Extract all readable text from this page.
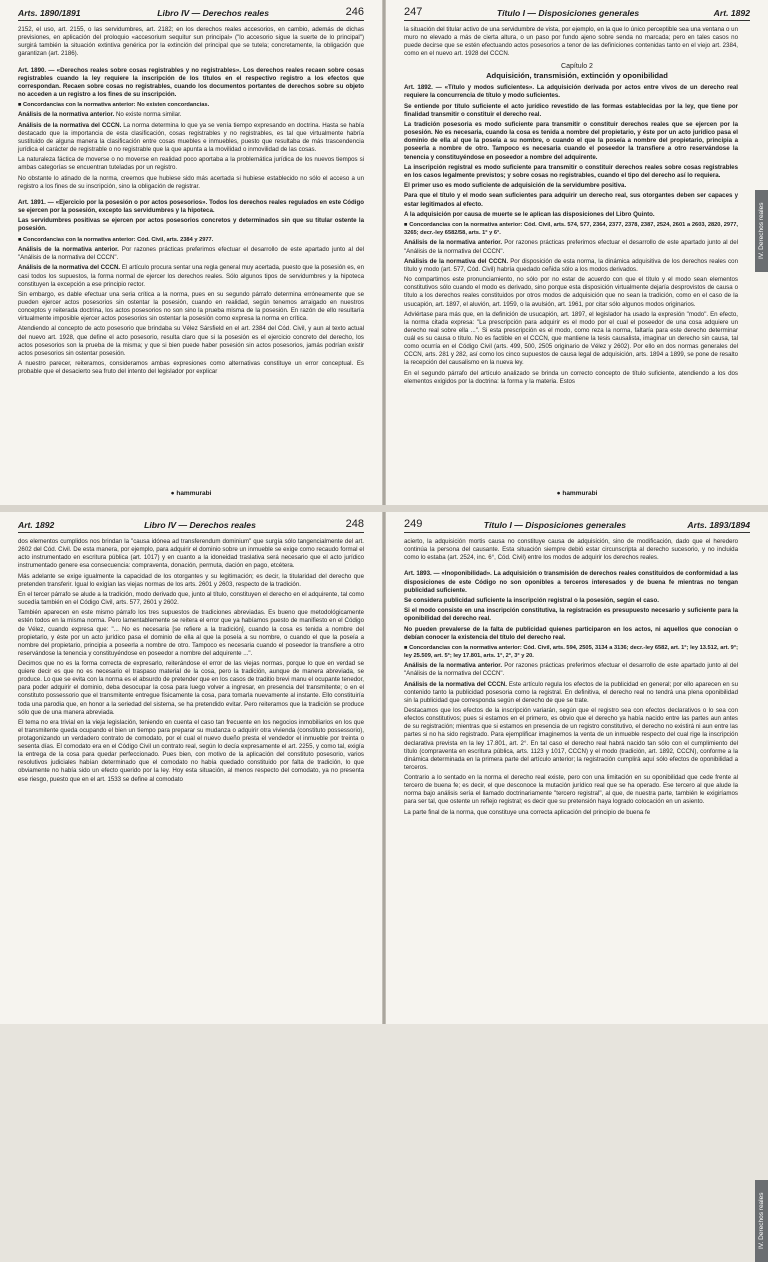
Arts. 1890/1891	Libro IV — Derechos reales	246

2152, el uso, art. 2155, o las servidumbres, art. 2182; en los derechos reales accesorios, en cambio, además de dichas previsiones, en aplicación del proloquio «accesorium sequitur sun principal» ("lo accesorio sigue la suerte de lo principal") surgirá también la situación extintiva genérica por la extinción del principal que se tutela; concretamente, la obligación que garantizan (art. 2186).

Art. 1890. — «Derechos reales sobre cosas registrables y no registrables». Los derechos reales recaen sobre cosas registrables cuando la ley requiere la inscripción de los títulos en el respectivo registro a los efectos que correspondan. Recaen sobre cosas no registrables, cuando los documentos portantes de derechos sobre su objeto no acceden a un registro a los fines de su inscripción.

■ Concordancias con la normativa anterior: No existen concordancias.

Análisis de la normativa anterior. No existe norma similar.

Análisis de la normativa del CCCN. La norma determina lo que ya se venía tiempo expresando en doctrina. Hasta se había destacado que la importancia de esta clasificación, cosas registrables y no registrables, es tal que virtualmente habría sustituido de alguna manera la clasificación entre cosas muebles e inmuebles, puesto que resultaba de más trascendencia jurídica el carácter de registrable o no registrable que la que apunta a la movilidad o inmovilidad de las cosas.

La naturaleza fáctica de moverse o no moverse en realidad poco aportaba a la problemática jurídica de los nuevos tiempos si ambas categorías se encuentran tuteladas por un registro.

No obstante lo atinado de la norma, creemos que hubiese sido más acertada si hubiese establecido no sólo el acceso a un registro a los fines de su inscripción, sino la obligación de registrar.

Art. 1891. — «Ejercicio por la posesión o por actos posesorios». Todos los derechos reales regulados en este Código se ejercen por la posesión, excepto las servidumbres y la hipoteca.

Las servidumbres positivas se ejercen por actos posesorios concretos y determinados sin que su titular ostente la posesión.

■ Concordancias con la normativa anterior: Cód. Civil, arts. 2384 y 2977.

Análisis de la normativa anterior. Por razones prácticas preferimos efectuar el desarrollo de este apartado junto al del "Análisis de la normativa del CCCN".

Análisis de la normativa del CCCN. El artículo procura sentar una regla general muy acertada, puesto que la posesión es, en casi todos los supuestos, la forma normal de ejercer los derechos reales. Sólo algunos tipos de servidumbres y la hipoteca constituyen la excepción a ese principio rector.

Sin embargo, es dable efectuar una seria crítica a la norma, pues en su segundo párrafo determina erróneamente que se pueden ejercer actos posesorios sin ostentar la posesión, cuando en realidad, según tenemos arraigado en nuestros conceptos y reiterada doctrina, los actos posesorios no son sino la prueba misma de la posesión. En razón de ello resultaría virtualmente imposible ejercer actos posesorios sin ostentar la posesión como expresa la norma en crítica.

Atendiendo al concepto de acto posesorio que brindaba su Vélez Sársfield en el art. 2384 del Cód. Civil, y aun al texto actual del nuevo art. 1928, que define el acto posesorio, resulta claro que si la posesión es el ejercicio concreto del derecho, los actos posesorios son la prueba de la misma; y que si bien puede haber posesión sin actos posesorios, jamás podrían existir actos posesorios sin ostentar posesión.

A nuestro parecer, reiteramos, consideramos ambas expresiones como alternativas constituye un error conceptual. Es probable que el desacierto sea fruto del intento del legislador por explicar

● hammurabi
247	Título I — Disposiciones generales	Art. 1892

la situación del titular activo de una servidumbre de vista, por ejemplo, en la que lo único perceptible sea una ventana o un muro no elevado a más de cierta altura, o un paso por fundo ajeno sobre senda no marcada; pero en tales casos no puede decirse que se estén efectuando actos posesorios a tenor de las definiciones contenidas tanto en el viejo art. 2384, como en el nuevo art. 1928 del CCCN.

Capítulo 2
Adquisición, transmisión, extinción y oponibilidad

Art. 1892. — «Título y modos suficientes». La adquisición derivada por actos entre vivos de un derecho real requiere la concurrencia de título y modo suficientes.

Se entiende por título suficiente el acto jurídico revestido de las formas establecidas por la ley, que tiene por finalidad transmitir o constituir el derecho real.

La tradición posesoria es modo suficiente para transmitir o constituir derechos reales que se ejercen por la posesión. No es necesaria, cuando la cosa es tenida a nombre del propietario, y éste por un acto jurídico pasa el dominio de ella al que la poseía a su nombre, o cuando el que la poseía a nombre del propietario, principia a poseerla a nombre de otro. Tampoco es necesaria cuando el poseedor la transfiere a otro reservándose la tenencia y constituyéndose en poseedor a nombre del adquirente.

La inscripción registral es modo suficiente para transmitir o constituir derechos reales sobre cosas registrables en los casos legalmente previstos; y sobre cosas no registrables, cuando el tipo del derecho así lo requiera.

El primer uso es modo suficiente de adquisición de la servidumbre positiva.

Para que el título y el modo sean suficientes para adquirir un derecho real, sus otorgantes deben ser capaces y estar legitimados al efecto.

A la adquisición por causa de muerte se le aplican las disposiciones del Libro Quinto.

■ Concordancias con la normativa anterior: Cód. Civil, arts. 574, 577, 2364, 2377, 2378, 2387, 2524, 2601 a 2603, 2820, 2977, 3265; decr.-ley 6582/58, arts. 1° y 6°.

Análisis de la normativa anterior. Por razones prácticas preferimos efectuar el desarrollo de este apartado junto al del "Análisis de la normativa del CCCN".

Análisis de la normativa del CCCN. Por disposición de esta norma, la dinámica adquisitiva de los derechos reales con título y modo (art. 577, Cód. Civil) habría quedado ceñida sólo a los modos derivados.

No compartimos este pronunciamiento, no sólo por no estar de acuerdo con que el título y el modo sean elementos constitutivos sólo cuando el modo es derivado, sino porque esta disposición virtualmente dejaría desprovistos de causa o título a los derechos reales constituidos por otros modos de adquisición que no sean la tradición, como en el caso de la usucapión, art. 1897, el aluvión, art. 1959, o la avulsión, art. 1961, por citar sólo algunos modos originarios.

Adviértase para más que, en la definición de usucapión, art. 1897, el legislador ha usado la expresión "modo". En efecto, la norma citada expresa: "La prescripción para adquirir es el modo por el cual el poseedor de una cosa adquiere un derecho real sobre ella ...". Si esta prescripción es el modo, como reza la norma, faltaría para este derecho determinar cuál es su causa o título. No es factible en el CCCN, que mantiene la tesis causalista, imaginar un derecho sin causa, tal como ocurría en el Código Civil (arts. 499, 500, 2505 originario de Vélez y 2602). Por ello en dos normas generales del CCCN, arts. 281 y 282, así como los cinco supuestos de causa legal de adquisición, arts. 1894 a 1899, se pone de resalto la recepción del causalismo en la nueva ley.

En el segundo párrafo del artículo analizado se brinda un correcto concepto de título suficiente, atendiendo a los dos elementos exigidos por la doctrina: la forma y la materia. Estos

● hammurabi
IV. Derechos reales
Art. 1892	Libro IV — Derechos reales	248

dos elementos cumplidos nos brindan la "causa idónea ad transferendum dominium" que surgía sólo tangencialmente del art. 2602 del Cód. Civil. De esta manera, por ejemplo, para adquirir el dominio sobre un inmueble se exige como recaudo formal el acto instrumentado en escritura pública (art. 1017) y en cuanto a la idoneidad traslativa será necesario que el acto jurídico instrumentado genere esa consecuencia: compraventa, donación, permuta, dación en pago, etcétera.

Más adelante se exige igualmente la capacidad de los otorgantes y su legitimación; es decir, la titularidad del derecho que pretenden transferir. Igual lo exigían las viejas normas de los arts. 2601 y 2603, respecto de la tradición.

En el tercer párrafo se alude a la tradición, modo derivado que, junto al título, constituyen el derecho en el adquirente, tal como sucedía también en el Código Civil, arts. 577, 2601 y 2602.

También aparecen en este mismo párrafo los tres supuestos de tradiciones abreviadas. Es bueno que metodológicamente estén todos en la misma norma. Pero lamentablemente se reitera el error que ya habíamos puesto de manifiesto en el Código de Vélez, cuando expresa que: "... No es necesaria [se refiere a la tradición], cuando la cosa es tenida a nombre del propietario, y éste por un acto jurídico pasa el dominio de ella al que la poseía a su nombre, o cuando el que la poseía a nombre del propietario, principia a poseerla a nombre de otro. Tampoco es necesaria cuando el poseedor la transfiere a otro reservándose la tenencia y constituyéndose en poseedor a nombre del adquirente ...".

Decimos que no es la forma correcta de expresarlo, reiterándose el error de las viejas normas, porque lo que en verdad se quiere decir es que no es necesario el traspaso material de la cosa, pero la tradición, aunque de manera abreviada, se produce. Lo que se evita con la norma es el absurdo de pretender que en los casos de traditio brevi manu el ocupante tenedor, para poder adquirir el dominio, deba desocupar la cosa para luego volver a ingresar, en presencia del transmitente; o en el constituto possessorio que el transmitente entregue físicamente la cosa, para tomarla nuevamente al instante. Ello constituiría toda una parodia que, en honor a la seriedad del sistema, se ha pretendido evitar. Pero reiteramos que la tradición se produce sólo que de una manera abreviada.

El tema no era trivial en la vieja legislación, teniendo en cuenta el caso tan frecuente en los negocios inmobiliarios en los que el transmitente queda ocupando el bien un tiempo para preparar su mudanza o adquirir otra vivienda (constituto possessorio), protagonizando un verdadero contrato de comodato, por el cual el nuevo dueño presta el vendedor el inmueble por treinta o sesenta días. El comodato era en el Código Civil un contrato real, según lo decía expresamente el art. 2255, y como tal, exigía la entrega de la cosa para quedar perfeccionado. Pues bien, con motivo de la aplicación del constituto posesorio, varios resolutivos judiciales habían determinado que el comodato no había quedado constituido por falta de tradición, lo que obviamente no había sido un efecto querido por la ley. Hoy esta situación, al menos respecto del comodato, ya no presenta ese riesgo, puesto que en el art. 1533 se define al comodato

249	Título I — Disposiciones generales	Arts. 1893/1894

acierto, la adquisición mortis causa no constituye causa de adquisición, sino de modificación, dado que el heredero continúa la persona del causante. Esta situación siempre debió estar circunscripta al derecho sucesorio, y no incluida como lo estaba (art. 2524, inc. 6°, Cód. Civil) entre los modos de adquirir los derechos reales.

Art. 1893. — «Inoponibilidad». La adquisición o transmisión de derechos reales constituidos de conformidad a las disposiciones de este Código no son oponibles a terceros interesados y de buena fe mientras no tengan publicidad suficiente.

Se considera publicidad suficiente la inscripción registral o la posesión, según el caso.

Si el modo consiste en una inscripción constitutiva, la registración es presupuesto necesario y suficiente para la oponibilidad del derecho real.

No pueden prevalerse de la falta de publicidad quienes participaron en los actos, ni aquellos que conocían o debían conocer la existencia del título del derecho real.

■ Concordancias con la normativa anterior: Cód. Civil, arts. 594, 2505, 3134 a 3136; decr.-ley 6582, art. 1°; ley 13.512, art. 9°; ley 25.509, art. 5°; ley 17.801, arts. 1°, 2°, 3° y 20.

Análisis de la normativa anterior. Por razones prácticas preferimos efectuar el desarrollo de este apartado junto al del "Análisis de la normativa del CCCN".

Análisis de la normativa del CCCN. Este artículo regula los efectos de la publicidad en general; por ello aparecen en su contenido tanto la publicidad posesoria como la registral. En definitiva, el derecho real no tendrá una plena oponibilidad sin la publicidad que corresponda según el derecho de que se trate.

Destacamos que los efectos de la inscripción variarán, según que el registro sea con efectos declarativos o lo sea con efectos constitutivos; pues si estamos en el primero, es obvio que el derecho ya había nacido entre las partes aun antes de su registración; mientras que si estamos en presencia de un registro constitutivo, el derecho no existirá ni aun entre las partes si no ha sido registrado. Para ejemplificar imaginemos la venta de un inmueble respecto del cual rige la inscripción declarativa prevista en la ley 17.801, art. 2°. En tal caso el derecho real habrá nacido tan sólo con el cumplimiento del título (compraventa en escritura pública, arts. 1123 y 1017, CCCN) y el modo (tradición, art. 1892, CCCN), conforme a la dinámica determinada en la primera parte del artículo anterior; la registración cumplirá aquí sólo efectos de oponibilidad a terceros.

Contrario a lo sentado en la norma el derecho real existe, pero con una limitación en su oponibilidad que cede frente al tercero de buena fe; es decir, el que desconoce la mutación jurídico real que se ha operado. Ese tercero al que alude la norma bajo análisis sería el llamado doctrinariamente "tercero registral", al que, de nuestra parte, también le exigiríamos para ser tal, que ostente un reflejo registral; es decir que su pretensión haya logrado colocación en un asiento.

La parte final de la norma, que constituye una correcta aplicación del principio de buena fe

IV. Derechos reales
